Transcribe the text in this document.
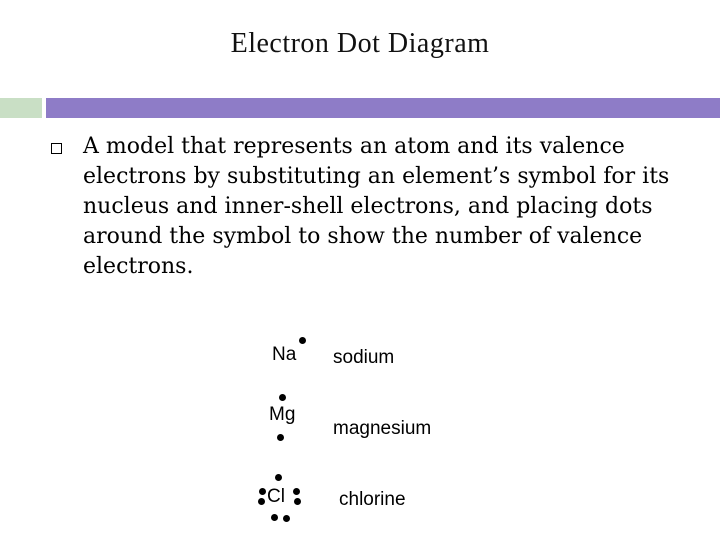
Electron Dot Diagram
A model that represents an atom and its valence electrons by substituting an element’s symbol for its nucleus and inner-shell electrons, and placing dots around the symbol to show the number of valence electrons.
Na sodium
Mg
magnesium
Cl	chlorine
